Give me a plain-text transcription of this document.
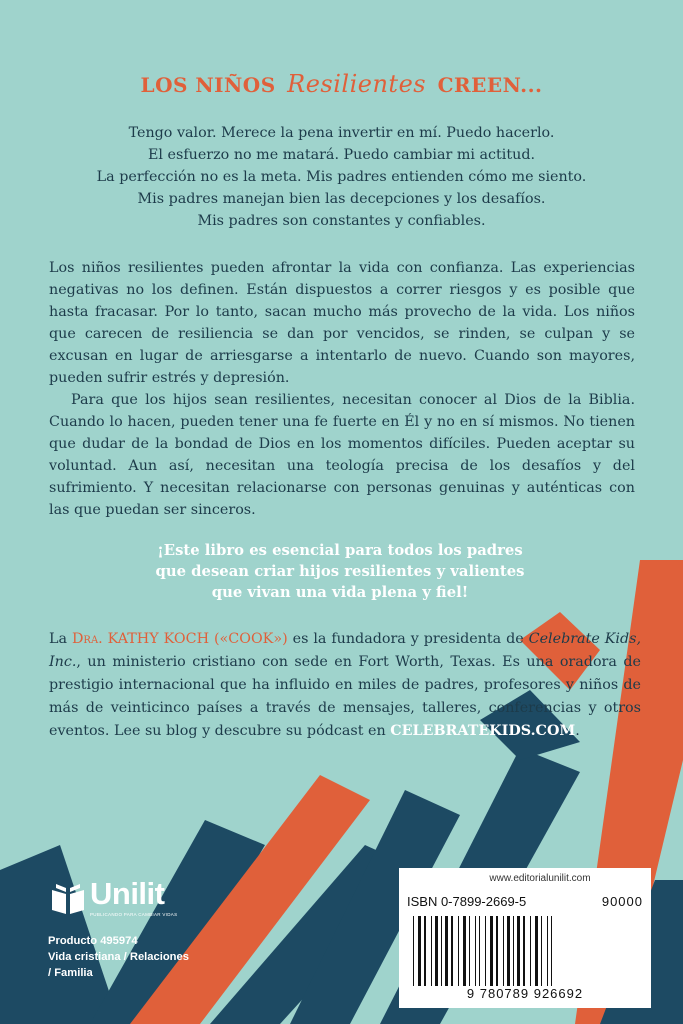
LOS NIÑOS Resilientes CREEN...
Tengo valor. Merece la pena invertir en mí. Puedo hacerlo.
El esfuerzo no me matará. Puedo cambiar mi actitud.
La perfección no es la meta. Mis padres entienden cómo me siento.
Mis padres manejan bien las decepciones y los desafíos.
Mis padres son constantes y confiables.

Los niños resilientes pueden afrontar la vida con confianza. Las experiencias negativas no los definen. Están dispuestos a correr riesgos y es posible que hasta fracasar. Por lo tanto, sacan mucho más provecho de la vida. Los niños que carecen de resiliencia se dan por vencidos, se rinden, se culpan y se excusan en lugar de arriesgarse a intentarlo de nuevo. Cuando son mayores, pueden sufrir estrés y depresión.

Para que los hijos sean resilientes, necesitan conocer al Dios de la Biblia. Cuando lo hacen, pueden tener una fe fuerte en Él y no en sí mismos. No tienen que dudar de la bondad de Dios en los momentos difíciles. Pueden aceptar su voluntad. Aun así, necesitan una teología precisa de los desafíos y del sufrimiento. Y necesitan relacionarse con personas genuinas y auténticas con las que puedan ser sinceros.

¡Este libro es esencial para todos los padres
que desean criar hijos resilientes y valientes
que vivan una vida plena y fiel!
La Dra. KATHY KOCH («COOK») es la fundadora y presidenta de Celebrate Kids, Inc., un ministerio cristiano con sede en Fort Worth, Texas. Es una oradora de prestigio internacional que ha influido en miles de padres, profesores y niños de más de veinticinco países a través de mensajes, talleres, conferencias y otros eventos. Lee su blog y descubre su pódcast en CELEBRATEKIDS.COM.
Unilit
PUBLICANDO PARA CAMBIAR VIDAS
Producto 495974
Vida cristiana / Relaciones
/ Familia
ISBN 0-7899-2669-5	90000
9 780789 926692
www.editorialunilit.com
